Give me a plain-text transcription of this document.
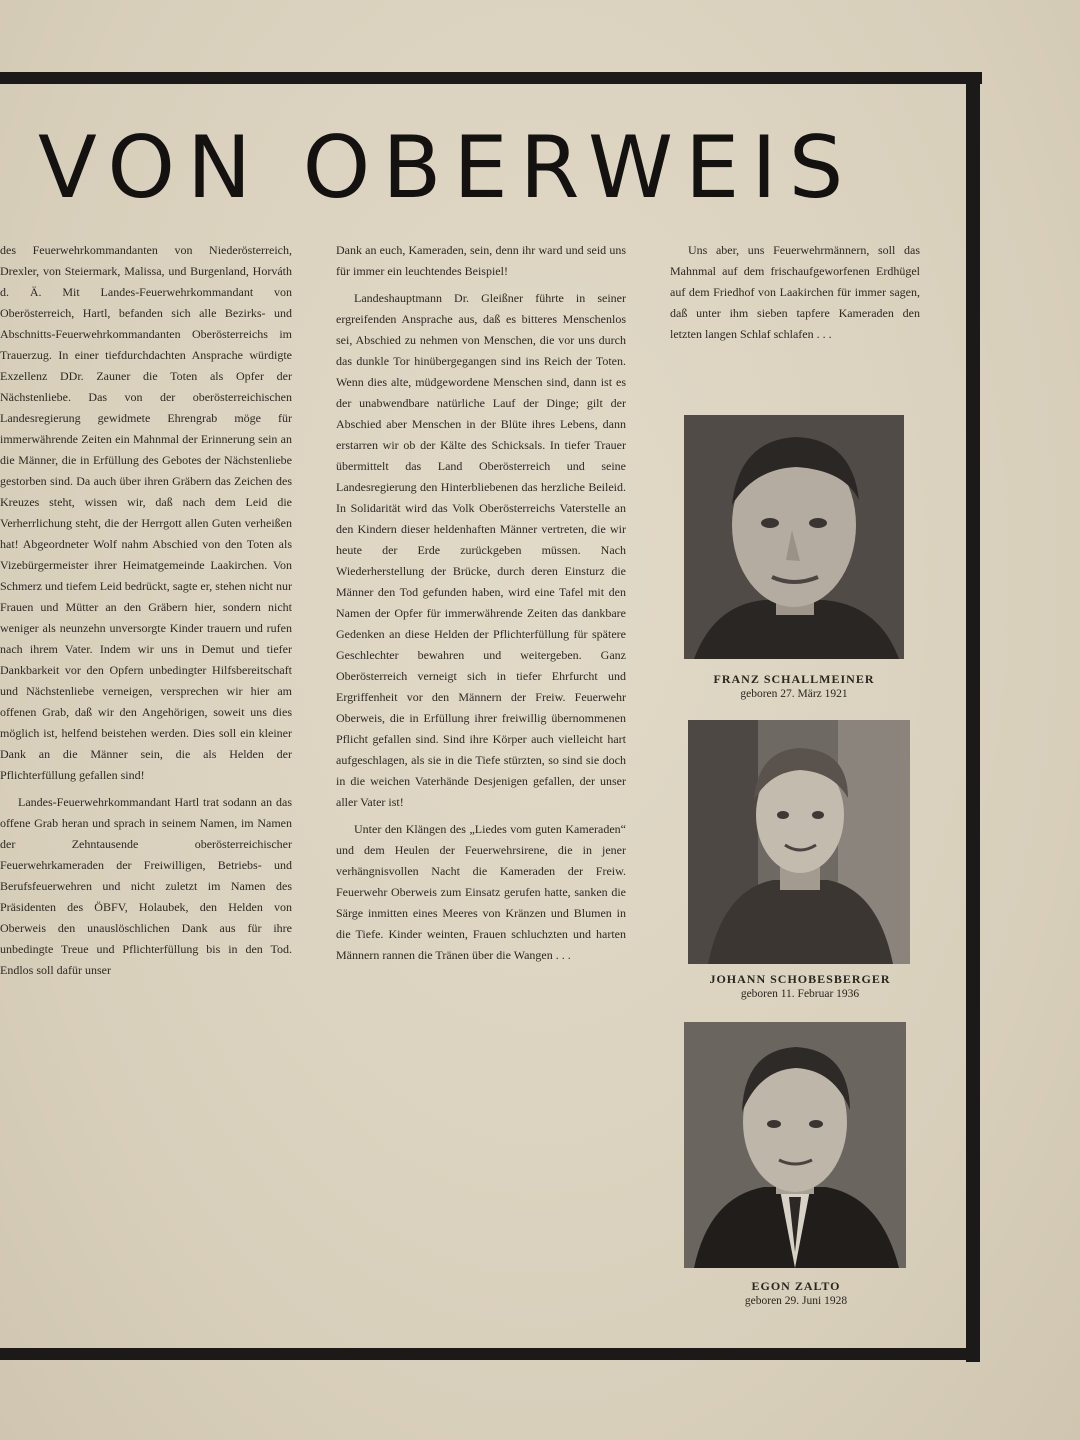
VON OBERWEIS

des Feuerwehrkommandanten von Niederösterreich, Drexler, von Steiermark, Malissa, und Burgenland, Horváth d. Ä. Mit Landes-Feuerwehrkommandant von Oberösterreich, Hartl, befanden sich alle Bezirks- und Abschnitts-Feuerwehrkommandanten Oberösterreichs im Trauerzug. In einer tiefdurchdachten Ansprache würdigte Exzellenz DDr. Zauner die Toten als Opfer der Nächstenliebe. Das von der oberösterreichischen Landesregierung gewidmete Ehrengrab möge für immerwährende Zeiten ein Mahnmal der Erinnerung sein an die Männer, die in Erfüllung des Gebotes der Nächstenliebe gestorben sind. Da auch über ihren Gräbern das Zeichen des Kreuzes steht, wissen wir, daß nach dem Leid die Verherrlichung steht, die der Herrgott allen Guten verheißen hat! Abgeordneter Wolf nahm Abschied von den Toten als Vizebürgermeister ihrer Heimatgemeinde Laakirchen. Von Schmerz und tiefem Leid bedrückt, sagte er, stehen nicht nur Frauen und Mütter an den Gräbern hier, sondern nicht weniger als neunzehn unversorgte Kinder trauern und rufen nach ihrem Vater. Indem wir uns in Demut und tiefer Dankbarkeit vor den Opfern unbedingter Hilfsbereitschaft und Nächstenliebe verneigen, versprechen wir hier am offenen Grab, daß wir den Angehörigen, soweit uns dies möglich ist, helfend beistehen werden. Dies soll ein kleiner Dank an die Männer sein, die als Helden der Pflichterfüllung gefallen sind!

Landes-Feuerwehrkommandant Hartl trat sodann an das offene Grab heran und sprach in seinem Namen, im Namen der Zehntausende oberösterreichischer Feuerwehrkameraden der Freiwilligen, Betriebs- und Berufsfeuerwehren und nicht zuletzt im Namen des Präsidenten des ÖBFV, Holaubek, den Helden von Oberweis den unauslöschlichen Dank aus für ihre unbedingte Treue und Pflichterfüllung bis in den Tod. Endlos soll dafür unser

Dank an euch, Kameraden, sein, denn ihr ward und seid uns für immer ein leuchtendes Beispiel!

Landeshauptmann Dr. Gleißner führte in seiner ergreifenden Ansprache aus, daß es bitteres Menschenlos sei, Abschied zu nehmen von Menschen, die vor uns durch das dunkle Tor hinübergegangen sind ins Reich der Toten. Wenn dies alte, müdgewordene Menschen sind, dann ist es der unabwendbare natürliche Lauf der Dinge; gilt der Abschied aber Menschen in der Blüte ihres Lebens, dann erstarren wir ob der Kälte des Schicksals. In tiefer Trauer übermittelt das Land Oberösterreich und seine Landesregierung den Hinterbliebenen das herzliche Beileid. In Solidarität wird das Volk Oberösterreichs Vaterstelle an den Kindern dieser heldenhaften Männer vertreten, die wir heute der Erde zurückgeben müssen. Nach Wiederherstellung der Brücke, durch deren Einsturz die Männer den Tod gefunden haben, wird eine Tafel mit den Namen der Opfer für immerwährende Zeiten das dankbare Gedenken an diese Helden der Pflichterfüllung für spätere Geschlechter bewahren und weitergeben. Ganz Oberösterreich verneigt sich in tiefer Ehrfurcht und Ergriffenheit vor den Männern der Freiw. Feuerwehr Oberweis, die in Erfüllung ihrer freiwillig übernommenen Pflicht gefallen sind. Sind ihre Körper auch vielleicht hart aufgeschlagen, als sie in die Tiefe stürzten, so sind sie doch in die weichen Vaterhände Desjenigen gefallen, der unser aller Vater ist!

Unter den Klängen des „Liedes vom guten Kameraden“ und dem Heulen der Feuerwehrsirene, die in jener verhängnisvollen Nacht die Kameraden der Freiw. Feuerwehr Oberweis zum Einsatz gerufen hatte, sanken die Särge inmitten eines Meeres von Kränzen und Blumen in die Tiefe. Kinder weinten, Frauen schluchzten und harten Männern rannen die Tränen über die Wangen . . .

Uns aber, uns Feuerwehrmännern, soll das Mahnmal auf dem frischaufgeworfenen Erdhügel auf dem Friedhof von Laakirchen für immer sagen, daß unter ihm sieben tapfere Kameraden den letzten langen Schlaf schlafen . . .

FRANZ SCHALLMEINER
geboren 27. März 1921
JOHANN SCHOBESBERGER
geboren 11. Februar 1936
EGON ZALTO
geboren 29. Juni 1928
